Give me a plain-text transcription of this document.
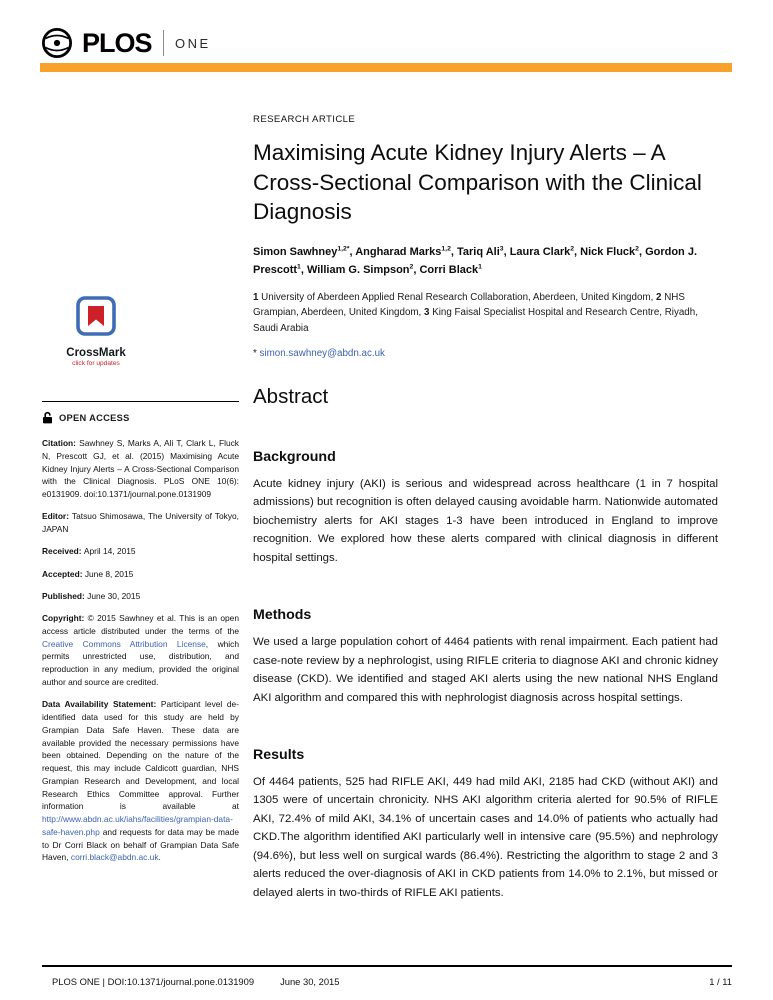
PLOS ONE
CrossMark
click for updates
OPEN ACCESS

Citation: Sawhney S, Marks A, Ali T, Clark L, Fluck N, Prescott GJ, et al. (2015) Maximising Acute Kidney Injury Alerts – A Cross-Sectional Comparison with the Clinical Diagnosis. PLoS ONE 10(6): e0131909. doi:10.1371/journal.pone.0131909

Editor: Tatsuo Shimosawa, The University of Tokyo, JAPAN

Received: April 14, 2015

Accepted: June 8, 2015

Published: June 30, 2015

Copyright: © 2015 Sawhney et al. This is an open access article distributed under the terms of the Creative Commons Attribution License, which permits unrestricted use, distribution, and reproduction in any medium, provided the original author and source are credited.

Data Availability Statement: Participant level de-identified data used for this study are held by Grampian Data Safe Haven. These data are available provided the necessary permissions have been obtained. Depending on the nature of the request, this may include Caldicott guardian, NHS Grampian Research and Development, and local Research Ethics Committee approval. Further information is available at http://www.abdn.ac.uk/iahs/facilities/grampian-data-safe-haven.php and requests for data may be made to Dr Corri Black on behalf of Grampian Data Safe Haven, corri.black@abdn.ac.uk.

RESEARCH ARTICLE
Maximising Acute Kidney Injury Alerts – A Cross-Sectional Comparison with the Clinical Diagnosis

Simon Sawhney$^{1,2*}$, Angharad Marks$^{1,2}$, Tariq Ali$^3$, Laura Clark$^2$, Nick Fluck$^2$, Gordon J. Prescott$^1$, William G. Simpson$^2$, Corri Black$^1$

1 University of Aberdeen Applied Renal Research Collaboration, Aberdeen, United Kingdom, 2 NHS Grampian, Aberdeen, United Kingdom, 3 King Faisal Specialist Hospital and Research Centre, Riyadh, Saudi Arabia

* simon.sawhney@abdn.ac.uk

Abstract
Background

Acute kidney injury (AKI) is serious and widespread across healthcare (1 in 7 hospital admissions) but recognition is often delayed causing avoidable harm. Nationwide automated biochemistry alerts for AKI stages 1-3 have been introduced in England to improve recognition. We explored how these alerts compared with clinical diagnosis in different hospital settings.

Methods

We used a large population cohort of 4464 patients with renal impairment. Each patient had case-note review by a nephrologist, using RIFLE criteria to diagnose AKI and chronic kidney disease (CKD). We identified and staged AKI alerts using the new national NHS England AKI algorithm and compared this with nephrologist diagnosis across hospital settings.

Results

Of 4464 patients, 525 had RIFLE AKI, 449 had mild AKI, 2185 had CKD (without AKI) and 1305 were of uncertain chronicity. NHS AKI algorithm criteria alerted for 90.5% of RIFLE AKI, 72.4% of mild AKI, 34.1% of uncertain cases and 14.0% of patients who actually had CKD.The algorithm identified AKI particularly well in intensive care (95.5%) and nephrology (94.6%), but less well on surgical wards (86.4%). Restricting the algorithm to stage 2 and 3 alerts reduced the over-diagnosis of AKI in CKD patients from 14.0% to 2.1%, but missed or delayed alerts in two-thirds of RIFLE AKI patients.

PLOS ONE | DOI:10.1371/journal.pone.0131909	June 30, 2015	1 / 11
